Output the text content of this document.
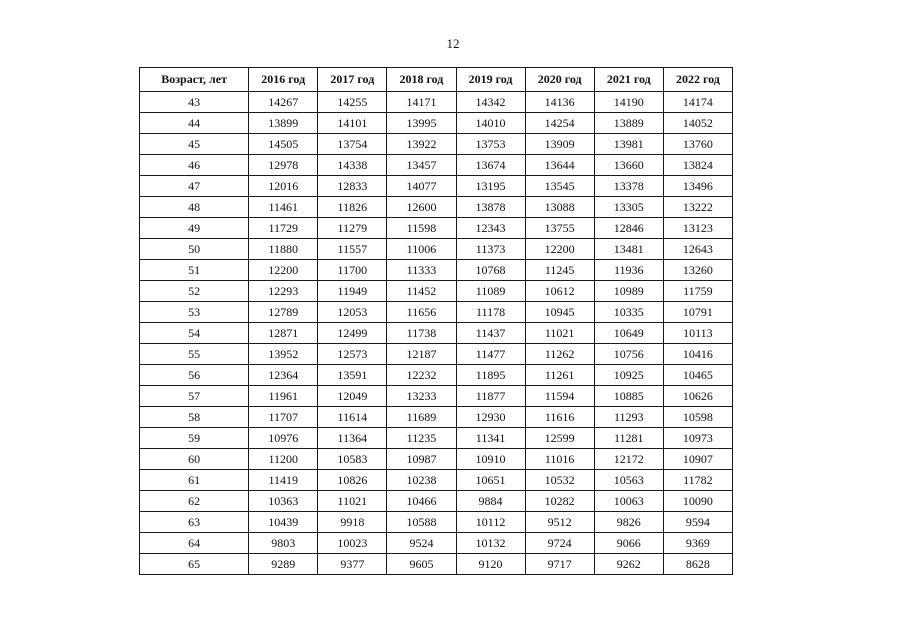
12
Возраст, лет	2016 год	2017 год	2018 год	2019 год	2020 год	2021 год	2022 год
43	14267	14255	14171	14342	14136	14190	14174
44	13899	14101	13995	14010	14254	13889	14052
45	14505	13754	13922	13753	13909	13981	13760
46	12978	14338	13457	13674	13644	13660	13824
47	12016	12833	14077	13195	13545	13378	13496
48	11461	11826	12600	13878	13088	13305	13222
49	11729	11279	11598	12343	13755	12846	13123
50	11880	11557	11006	11373	12200	13481	12643
51	12200	11700	11333	10768	11245	11936	13260
52	12293	11949	11452	11089	10612	10989	11759
53	12789	12053	11656	11178	10945	10335	10791
54	12871	12499	11738	11437	11021	10649	10113
55	13952	12573	12187	11477	11262	10756	10416
56	12364	13591	12232	11895	11261	10925	10465
57	11961	12049	13233	11877	11594	10885	10626
58	11707	11614	11689	12930	11616	11293	10598
59	10976	11364	11235	11341	12599	11281	10973
60	11200	10583	10987	10910	11016	12172	10907
61	11419	10826	10238	10651	10532	10563	11782
62	10363	11021	10466	9884	10282	10063	10090
63	10439	9918	10588	10112	9512	9826	9594
64	9803	10023	9524	10132	9724	9066	9369
65	9289	9377	9605	9120	9717	9262	8628
